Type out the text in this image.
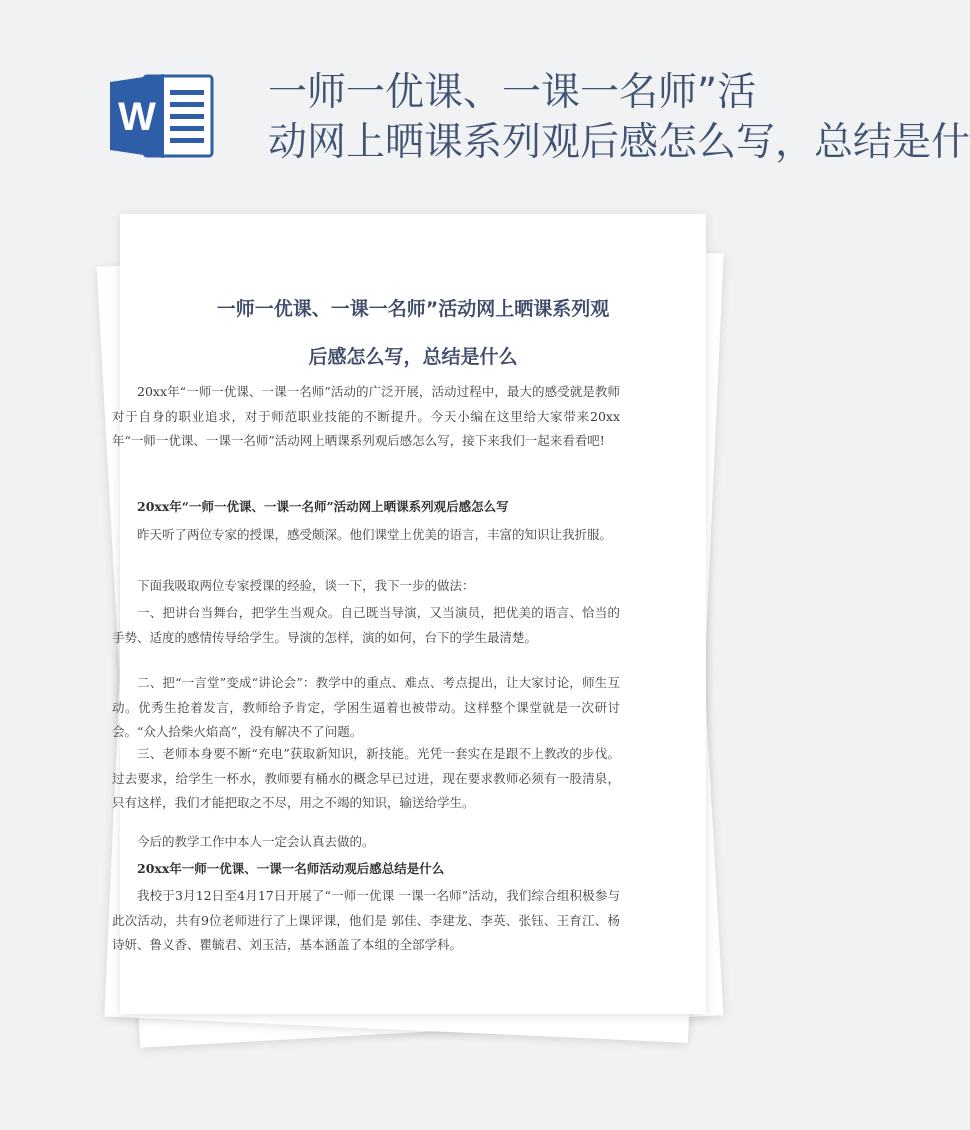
W
一师一优课、一课一名师”活
动网上晒课系列观后感怎么写，总结是什
一师一优课、一课一名师”活动网上晒课系列观
后感怎么写，总结是什么

20xx年“一师一优课、一课一名师”活动的广泛开展，活动过程中，最大的感受就是教师对于自身的职业追求，对于师范职业技能的不断提升。今天小编在这里给大家带来20xx年“一师一优课、一课一名师”活动网上晒课系列观后感怎么写，接下来我们一起来看看吧!

20xx年“一师一优课、一课一名师”活动网上晒课系列观后感怎么写

昨天听了两位专家的授课，感受颇深。他们课堂上优美的语言，丰富的知识让我折服。

下面我吸取两位专家授课的经验，谈一下，我下一步的做法：

一、把讲台当舞台，把学生当观众。自己既当导演，又当演员，把优美的语言、恰当的手势、适度的感情传导给学生。导演的怎样，演的如何，台下的学生最清楚。

二、把“一言堂”变成“讲论会”：教学中的重点、难点、考点提出，让大家讨论，师生互动。优秀生抢着发言，教师给予肯定，学困生逼着也被带动。这样整个课堂就是一次研讨会。“众人拾柴火焰高”，没有解决不了问题。

三、老师本身要不断“充电”获取新知识，新技能。光凭一套实在是跟不上教改的步伐。过去要求，给学生一杯水，教师要有桶水的概念早已过进，现在要求教师必须有一股清泉，只有这样，我们才能把取之不尽，用之不竭的知识，输送给学生。

今后的教学工作中本人一定会认真去做的。

20xx年一师一优课、一课一名师活动观后感总结是什么

我校于3月12日至4月17日开展了“一师一优课 一课一名师”活动，我们综合组积极参与此次活动，共有9位老师进行了上课评课，他们是 郭佳、李建龙、李英、张钰、王育江、杨诗妍、鲁义香、瞿毓君、刘玉洁，基本涵盖了本组的全部学科。
